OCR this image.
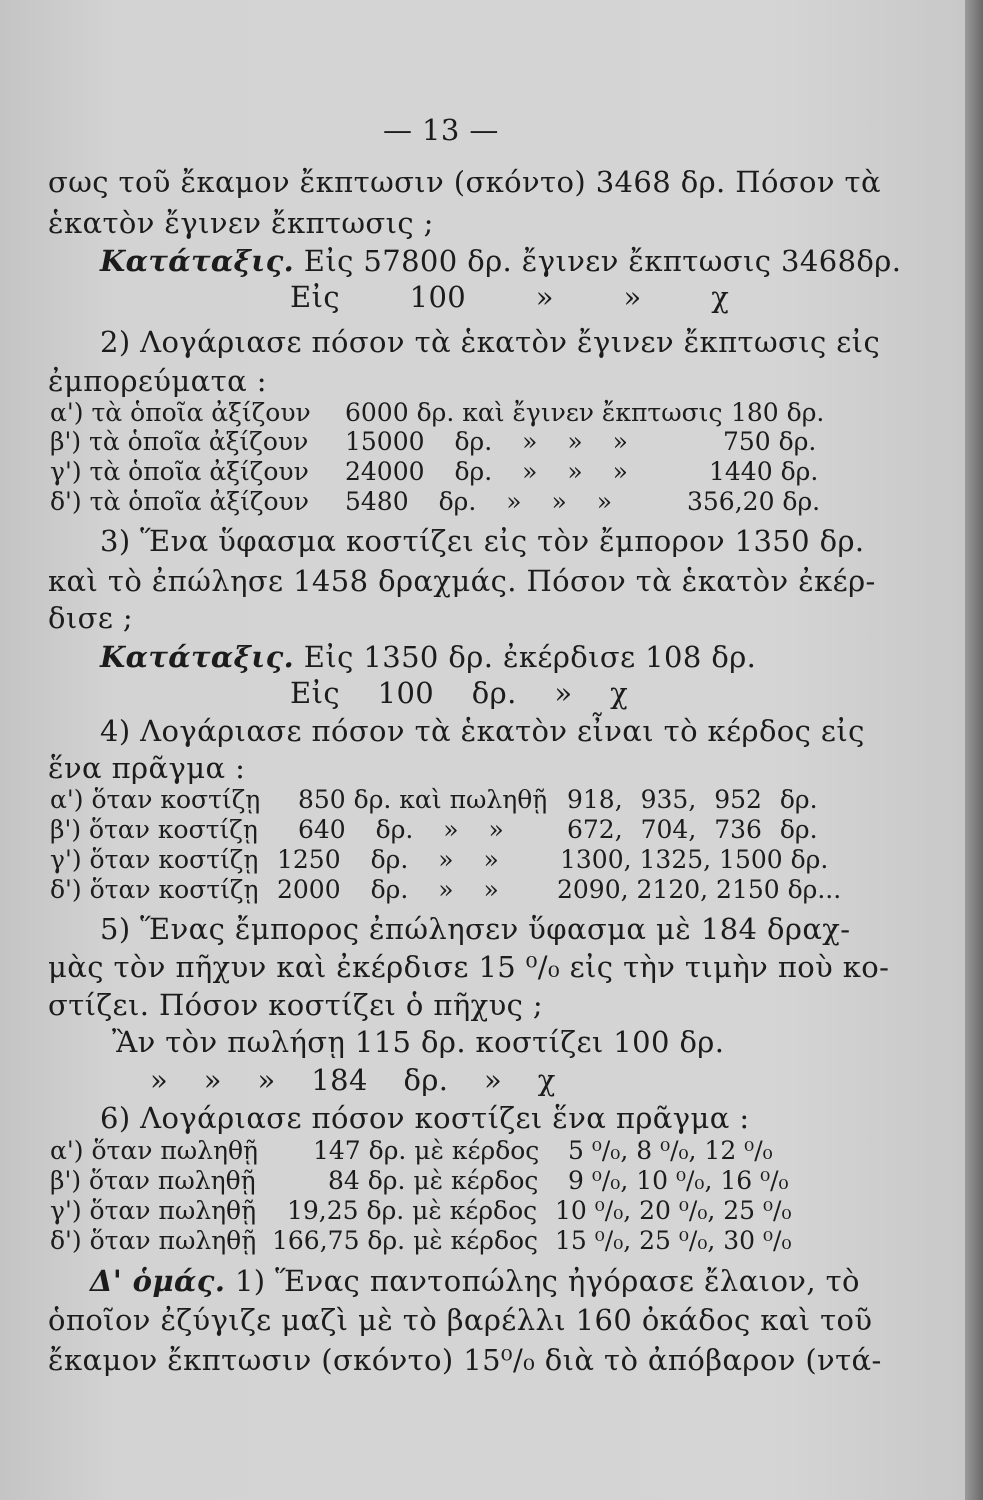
— 13 —
σως τοῦ ἔκαμον ἔκπτωσιν (σκόντο) 3468 δρ. Πόσον τὰ
ἑκατὸν ἔγινεν ἔκπτωσις ;
Κατάταξις. Εἰς 57800 δρ. ἔγινεν ἔκπτωσις 3468δρ.
Εἰς 100 » » χ
2) Λογάριασε πόσον τὰ ἑκατὸν ἔγινεν ἔκπτωσις εἰς
ἐμπορεύματα :
α') τὰ ὁποῖα ἀξίζουν 6000 δρ. καὶ ἔγινεν ἔκπτωσις 180 δρ.
β') τὰ ὁποῖα ἀξίζουν 15000 δρ. » » »	750 δρ.
γ') τὰ ὁποῖα ἀξίζουν 24000 δρ. » » »	1440 δρ.
δ') τὰ ὁποῖα ἀξίζουν 5480 δρ. » » »	356,20 δρ.
3) Ἕνα ὕφασμα κοστίζει εἰς τὸν ἔμπορον 1350 δρ.
καὶ τὸ ἐπώλησε 1458 δραχμάς. Πόσον τὰ ἑκατὸν ἐκέρ-
δισε ;
Κατάταξις. Εἰς 1350 δρ. ἐκέρδισε 108 δρ.
Εἰς 100 δρ. » χ
4) Λογάριασε πόσον τὰ ἑκατὸν εἶναι τὸ κέρδος εἰς
ἕνα πρᾶγμα :
α') ὅταν κοστίζῃ 850 δρ. καὶ πωληθῇ 918, 935, 952 δρ.
β') ὅταν κοστίζῃ 640 δρ. » »	672, 704, 736 δρ.
γ') ὅταν κοστίζῃ 1250 δρ. » » 1300, 1325, 1500 δρ.
δ') ὅταν κοστίζῃ 2000 δρ. » » 2090, 2120, 2150 δρ...
5) Ἕνας ἔμπορος ἐπώλησεν ὕφασμα μὲ 184 δραχ-
μὰς τὸν πῆχυν καὶ ἐκέρδισε 15 ⁰/₀ εἰς τὴν τιμὴν ποὺ κο-
στίζει. Πόσον κοστίζει ὁ πῆχυς ;
Ἂν τὸν πωλήσῃ 115 δρ. κοστίζει 100 δρ.
» » » 184 δρ. » χ
6) Λογάριασε πόσον κοστίζει ἕνα πρᾶγμα :
α') ὅταν πωληθῇ 147 δρ. μὲ κέρδος 5 ⁰/₀, 8 ⁰/₀, 12 ⁰/₀
β') ὅταν πωληθῇ	84 δρ. μὲ κέρδος 9 ⁰/₀, 10 ⁰/₀, 16 ⁰/₀
γ') ὅταν πωληθῇ 19,25 δρ. μὲ κέρδος 10 ⁰/₀, 20 ⁰/₀, 25 ⁰/₀
δ') ὅταν πωληθῇ 166,75 δρ. μὲ κέρδος 15 ⁰/₀, 25 ⁰/₀, 30 ⁰/₀
Δ' ὁμάς. 1) Ἕνας παντοπώλης ἠγόρασε ἔλαιον, τὸ
ὁποῖον ἐζύγιζε μαζὶ μὲ τὸ βαρέλλι 160 ὀκάδος καὶ τοῦ
ἔκαμον ἔκπτωσιν (σκόντο) 15⁰/₀ διὰ τὸ ἀπόβαρον (ντά-
